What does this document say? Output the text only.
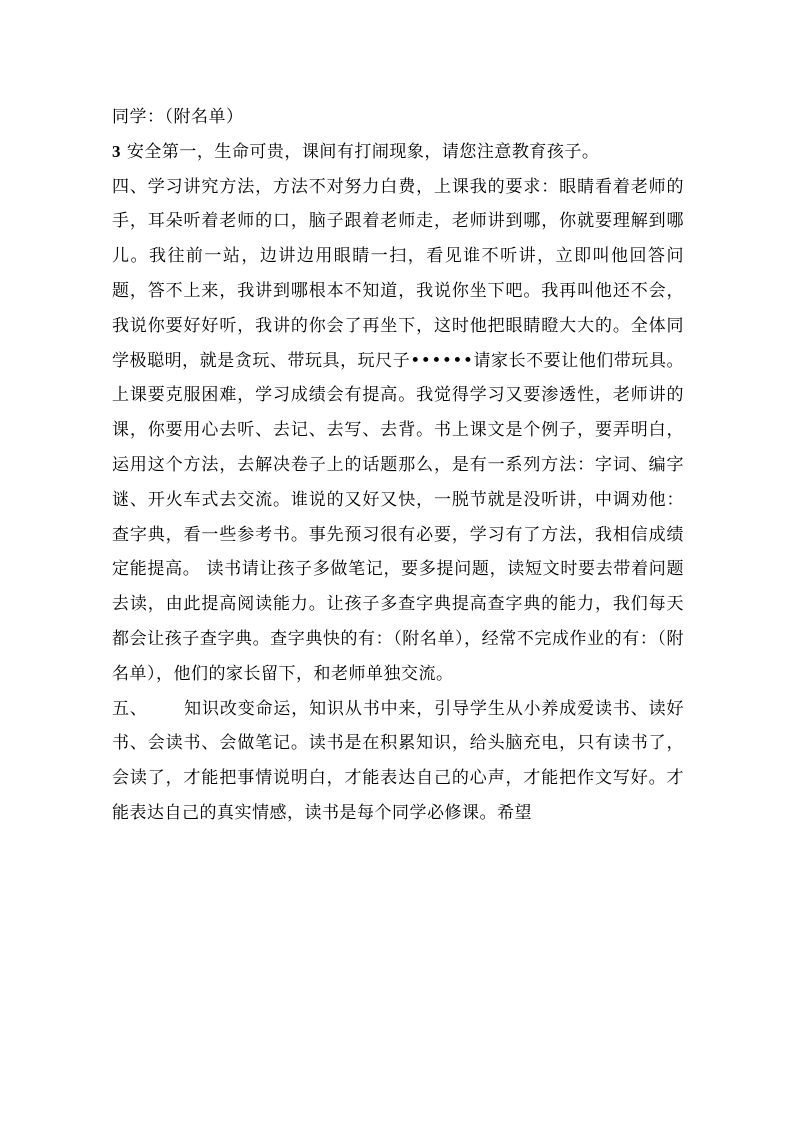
同学：（附名单）

3 安全第一，生命可贵，课间有打闹现象，请您注意教育孩子。

四、学习讲究方法，方法不对努力白费，上课我的要求：眼睛看着老师的手，耳朵听着老师的口，脑子跟着老师走，老师讲到哪，你就要理解到哪儿。我往前一站，边讲边用眼睛一扫，看见谁不听讲，立即叫他回答问题，答不上来，我讲到哪根本不知道，我说你坐下吧。我再叫他还不会，我说你要好好听，我讲的你会了再坐下，这时他把眼睛瞪大大的。全体同学极聪明，就是贪玩、带玩具，玩尺子••••••请家长不要让他们带玩具。上课要克服困难，学习成绩会有提高。我觉得学习又要渗透性，老师讲的课，你要用心去听、去记、去写、去背。书上课文是个例子，要弄明白，运用这个方法，去解决卷子上的话题那么，是有一系列方法：字词、编字谜、开火车式去交流。谁说的又好又快，一脱节就是没听讲，中调劝他：查字典，看一些参考书。事先预习很有必要，学习有了方法，我相信成绩定能提高。 读书请让孩子多做笔记，要多提问题，读短文时要去带着问题去读，由此提高阅读能力。让孩子多查字典提高查字典的能力，我们每天都会让孩子查字典。查字典快的有：（附名单），经常不完成作业的有：（附名单），他们的家长留下，和老师单独交流。

五、 知识改变命运，知识从书中来，引导学生从小养成爱读书、读好书、会读书、会做笔记。读书是在积累知识，给头脑充电，只有读书了，会读了，才能把事情说明白，才能表达自己的心声，才能把作文写好。才能表达自己的真实情感，读书是每个同学必修课。希望
